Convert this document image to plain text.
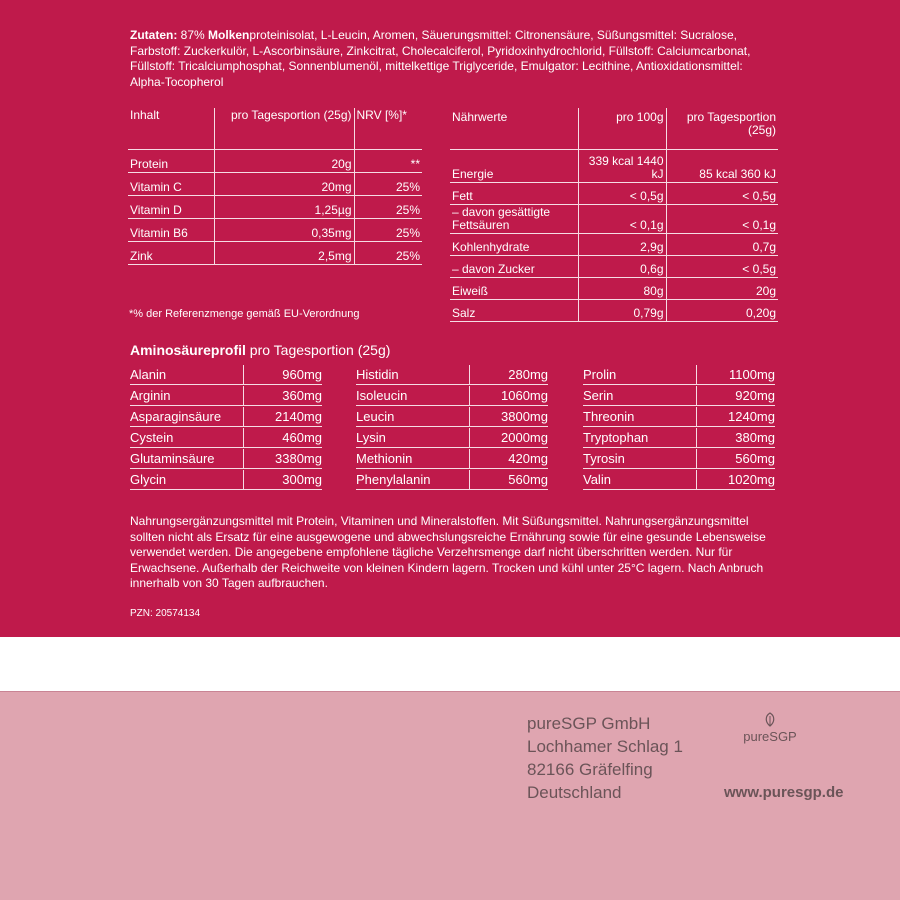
Zutaten: 87% Molkenproteinisolat, L-Leucin, Aromen, Säuerungsmittel: Citronensäure, Süßungsmittel: Sucralose, Farbstoff: Zuckerkulör, L-Ascorbinsäure, Zinkcitrat, Cholecalciferol, Pyridoxinhydrochlorid, Füllstoff: Calciumcarbonat, Füllstoff: Tricalciumphosphat, Sonnenblumenöl, mittelkettige Triglyceride, Emulgator: Lecithine, Antioxidationsmittel: Alpha-Tocopherol
Inhalt	pro Tagesportion (25g)	NRV [%]*
Protein	20g	**
Vitamin C	20mg	25%
Vitamin D	1,25µg	25%
Vitamin B6	0,35mg	25%
Zink	2,5mg	25%
Nährwerte	pro 100g	pro Tagesportion (25g)
Energie	339 kcal 1440 kJ	85 kcal 360 kJ
Fett	< 0,5g	< 0,5g
– davon gesättigte Fettsäuren	< 0,1g	< 0,1g
Kohlenhydrate	2,9g	0,7g
– davon Zucker	0,6g	< 0,5g
Eiweiß	80g	20g
Salz	0,79g	0,20g
*% der Referenzmenge gemäß EU-Verordnung
Aminosäureprofil pro Tagesportion (25g)
Alanin	960mg
Arginin	360mg
Asparaginsäure	2140mg
Cystein	460mg
Glutaminsäure	3380mg
Glycin	300mg
Histidin	280mg
Isoleucin	1060mg
Leucin	3800mg
Lysin	2000mg
Methionin	420mg
Phenylalanin	560mg
Prolin	1100mg
Serin	920mg
Threonin	1240mg
Tryptophan	380mg
Tyrosin	560mg
Valin	1020mg
Nahrungsergänzungsmittel mit Protein, Vitaminen und Mineralstoffen. Mit Süßungsmittel. Nahrungsergänzungsmittel sollten nicht als Ersatz für eine ausgewogene und abwechslungsreiche Ernährung sowie für eine gesunde Lebensweise verwendet werden. Die angegebene empfohlene tägliche Verzehrsmenge darf nicht überschritten werden. Nur für Erwachsene. Außerhalb der Reichweite von kleinen Kindern lagern. Trocken und kühl unter 25°C lagern. Nach Anbruch innerhalb von 30 Tagen aufbrauchen.
PZN: 20574134
pureSGP GmbH
Lochhamer Schlag 1
82166 Gräfelfing
Deutschland
pureSGP
www.puresgp.de
